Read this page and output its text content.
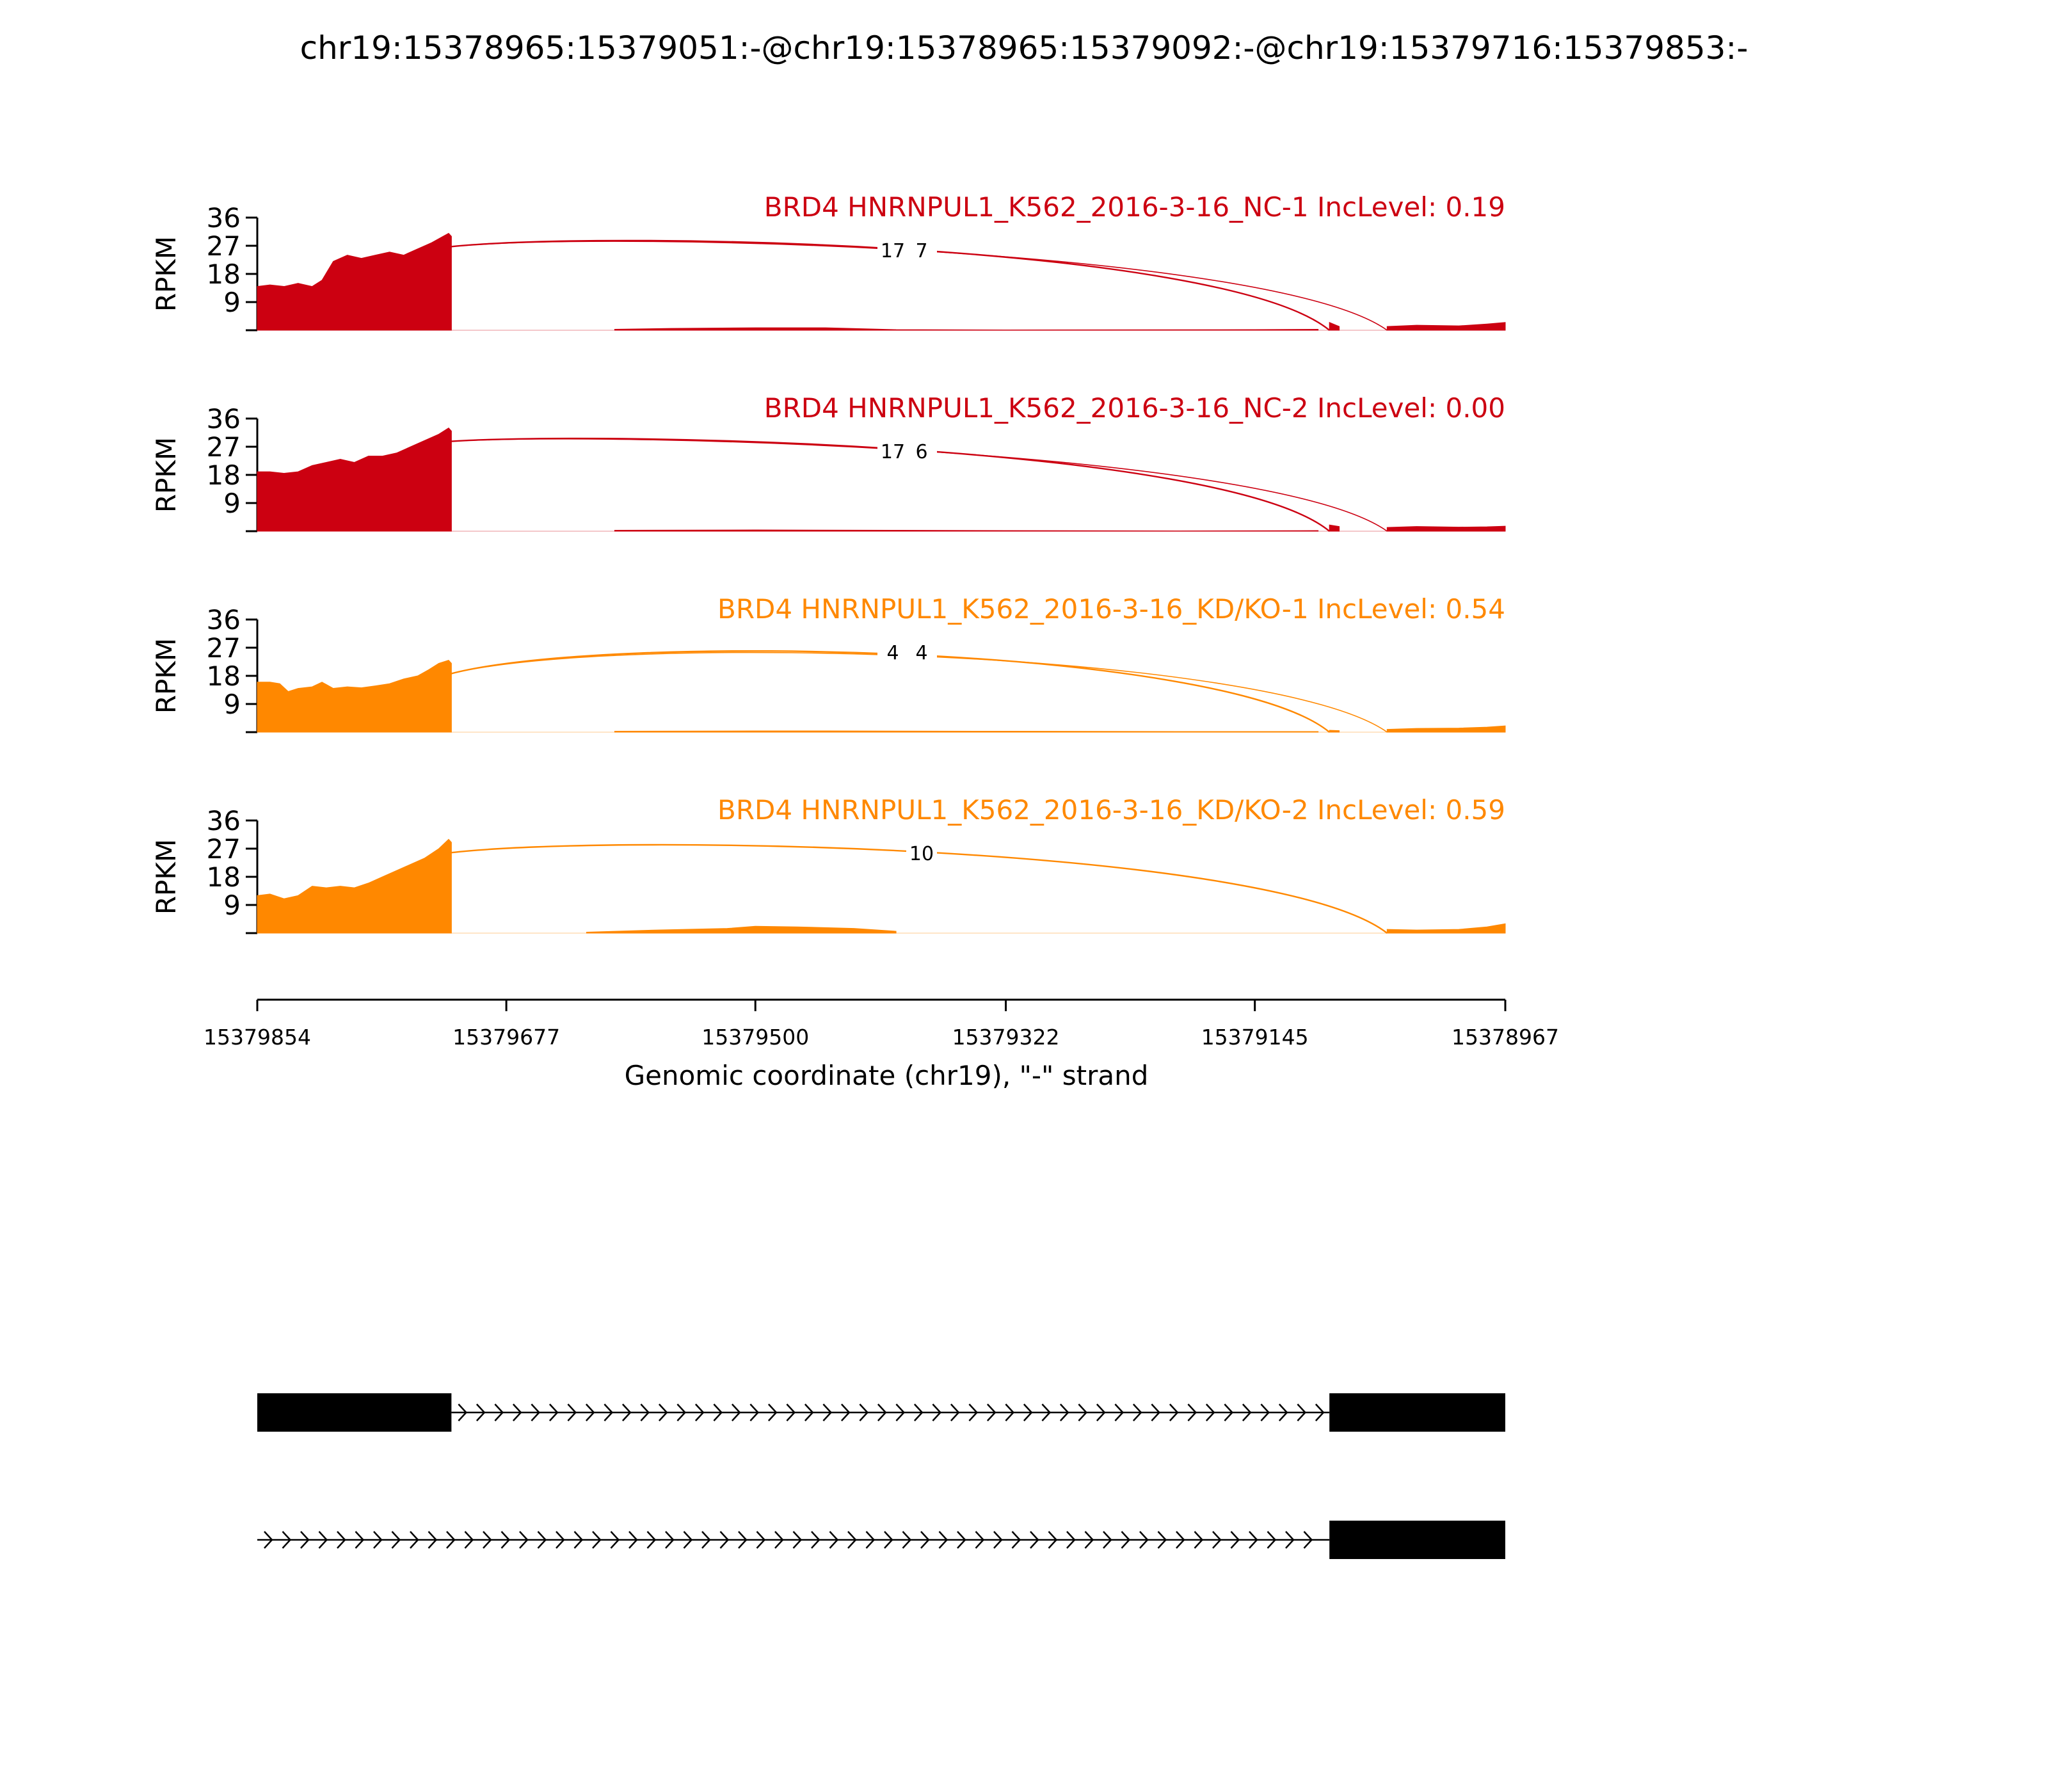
chr19:15378965:15379051:-@chr19:15378965:15379092:-@chr19:15379716:15379853:-
36
27
18
9
RPKM	17 7
BRD4 HNRNPUL1_K562_2016-3-16_NC-1 IncLevel: 0.19
36
27
18
9
RPKM	17 6
BRD4 HNRNPUL1_K562_2016-3-16_NC-2 IncLevel: 0.00
36
27
18
9
RPKM	4 4
BRD4 HNRNPUL1_K562_2016-3-16_KD/KO-1 IncLevel: 0.54
36
27
18
9
RPKM	10
BRD4 HNRNPUL1_K562_2016-3-16_KD/KO-2 IncLevel: 0.59
15379854	15379677	15379500	15379322	15379145	15378967
Genomic coordinate (chr19), "-" strand
